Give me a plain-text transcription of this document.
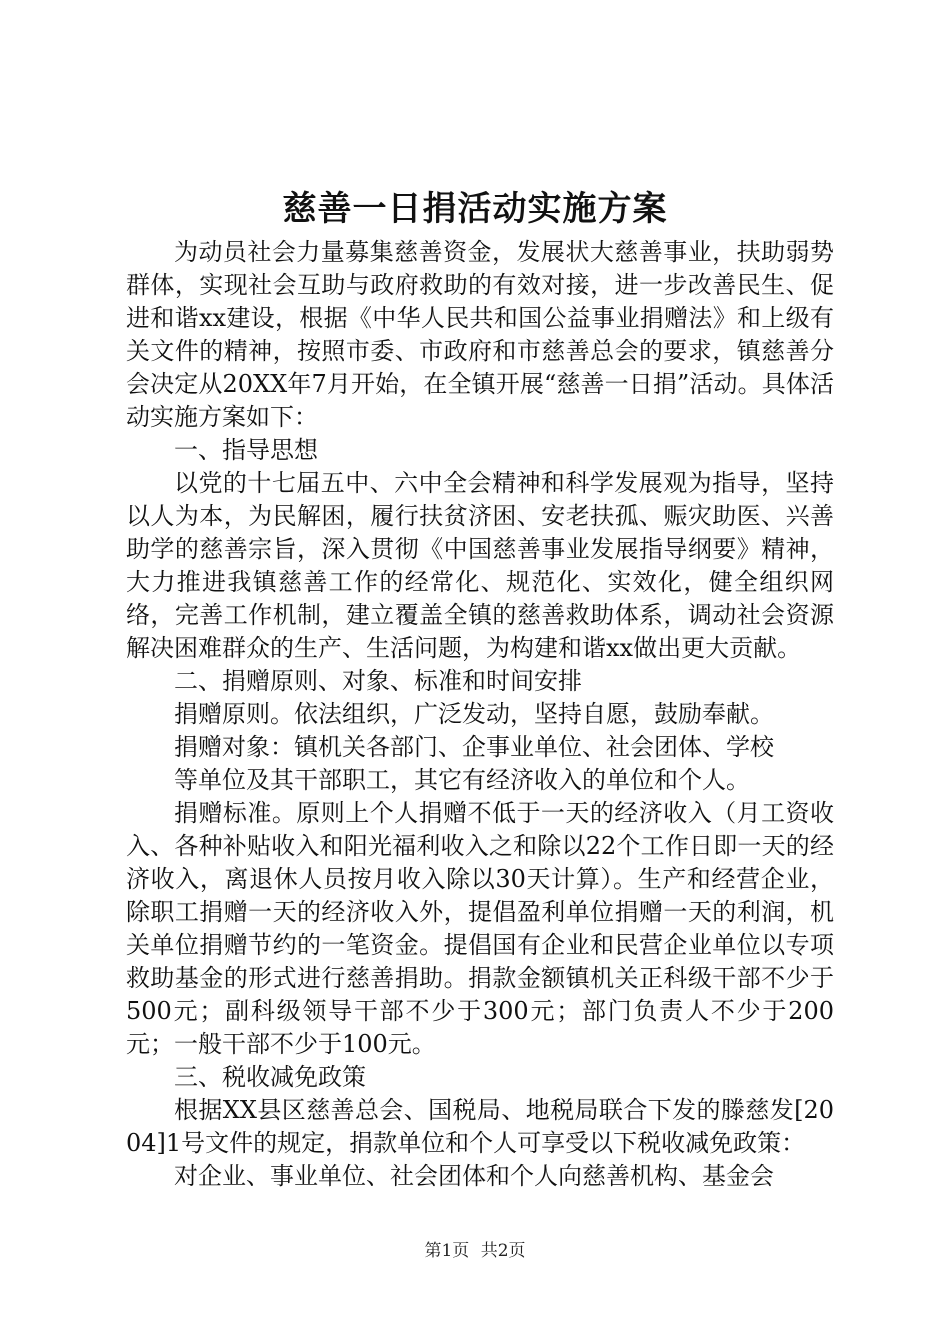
慈善一日捐活动实施方案

为动员社会力量募集慈善资金，发展状大慈善事业，扶助弱势群体，实现社会互助与政府救助的有效对接，进一步改善民生、促进和谐xx建设，根据《中华人民共和国公益事业捐赠法》和上级有关文件的精神，按照市委、市政府和市慈善总会的要求，镇慈善分会决定从20XX年7月开始，在全镇开展“慈善一日捐”活动。具体活动实施方案如下：

一、指导思想

以党的十七届五中、六中全会精神和科学发展观为指导，坚持以人为本，为民解困，履行扶贫济困、安老扶孤、赈灾助医、兴善助学的慈善宗旨，深入贯彻《中国慈善事业发展指导纲要》精神，大力推进我镇慈善工作的经常化、规范化、实效化，健全组织网络，完善工作机制，建立覆盖全镇的慈善救助体系，调动社会资源解决困难群众的生产、生活问题，为构建和谐xx做出更大贡献。

二、捐赠原则、对象、标准和时间安排

捐赠原则。依法组织，广泛发动，坚持自愿，鼓励奉献。

捐赠对象：镇机关各部门、企事业单位、社会团体、学校

等单位及其干部职工，其它有经济收入的单位和个人。

捐赠标准。原则上个人捐赠不低于一天的经济收入（月工资收入、各种补贴收入和阳光福利收入之和除以22个工作日即一天的经济收入，离退休人员按月收入除以30天计算）。生产和经营企业，除职工捐赠一天的经济收入外，提倡盈利单位捐赠一天的利润，机关单位捐赠节约的一笔资金。提倡国有企业和民营企业单位以专项救助基金的形式进行慈善捐助。捐款金额镇机关正科级干部不少于500元；副科级领导干部不少于300元；部门负责人不少于200元；一般干部不少于100元。

三、税收减免政策

根据XX县区慈善总会、国税局、地税局联合下发的滕慈发[2004]1号文件的规定，捐款单位和个人可享受以下税收减免政策：

对企业、事业单位、社会团体和个人向慈善机构、基金会

第1页 共2页
